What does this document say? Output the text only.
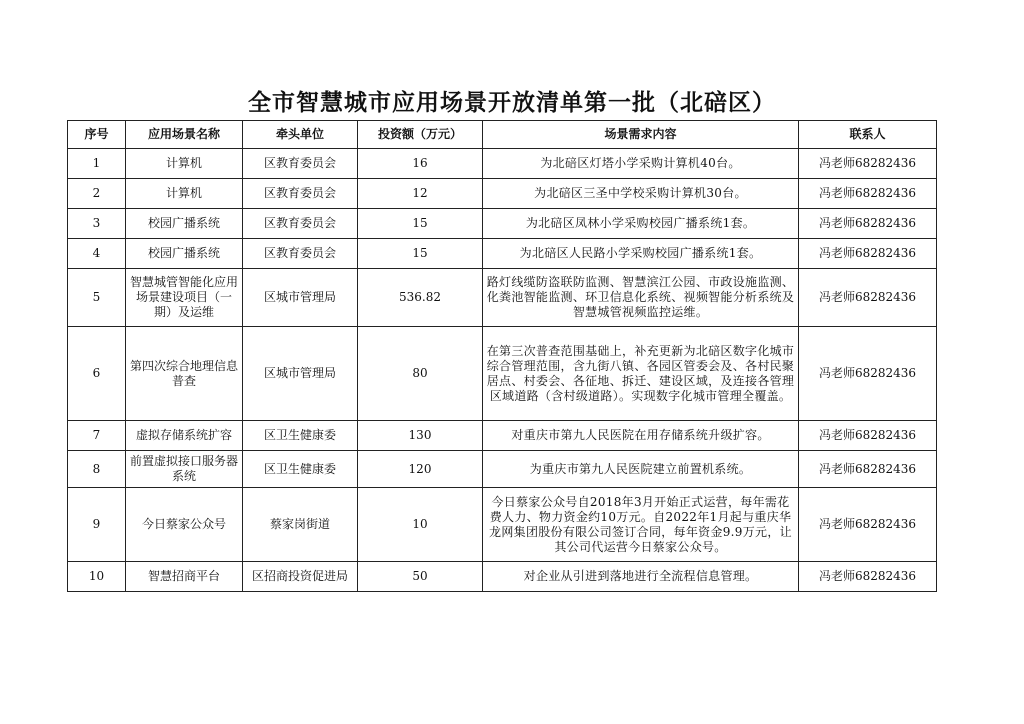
全市智慧城市应用场景开放清单第一批（北碚区）
序号	应用场景名称	牵头单位	投资额（万元）	场景需求内容	联系人
1	计算机	区教育委员会	16	为北碚区灯塔小学采购计算机40台。	冯老师68282436
2	计算机	区教育委员会	12	为北碚区三圣中学校采购计算机30台。	冯老师68282436
3	校园广播系统	区教育委员会	15	为北碚区凤林小学采购校园广播系统1套。	冯老师68282436
4	校园广播系统	区教育委员会	15	为北碚区人民路小学采购校园广播系统1套。	冯老师68282436
5	智慧城管智能化应用场景建设项目（一期）及运维	区城市管理局	536.82	路灯线缆防盗联防监测、智慧滨江公园、市政设施监测、化粪池智能监测、环卫信息化系统、视频智能分析系统及智慧城管视频监控运维。	冯老师68282436
6	第四次综合地理信息普查	区城市管理局	80	在第三次普查范围基础上，补充更新为北碚区数字化城市综合管理范围，含九街八镇、各园区管委会及、各村民聚居点、村委会、各征地、拆迁、建设区域，及连接各管理区域道路（含村级道路）。实现数字化城市管理全覆盖。	冯老师68282436
7	虚拟存储系统扩容	区卫生健康委	130	对重庆市第九人民医院在用存储系统升级扩容。	冯老师68282436
8	前置虚拟接口服务器系统	区卫生健康委	120	为重庆市第九人民医院建立前置机系统。	冯老师68282436
9	今日蔡家公众号	蔡家岗街道	10	今日蔡家公众号自2018年3月开始正式运营，每年需花费人力、物力资金约10万元。自2022年1月起与重庆华龙网集团股份有限公司签订合同，每年资金9.9万元，让其公司代运营今日蔡家公众号。	冯老师68282436
10	智慧招商平台	区招商投资促进局	50	对企业从引进到落地进行全流程信息管理。	冯老师68282436
